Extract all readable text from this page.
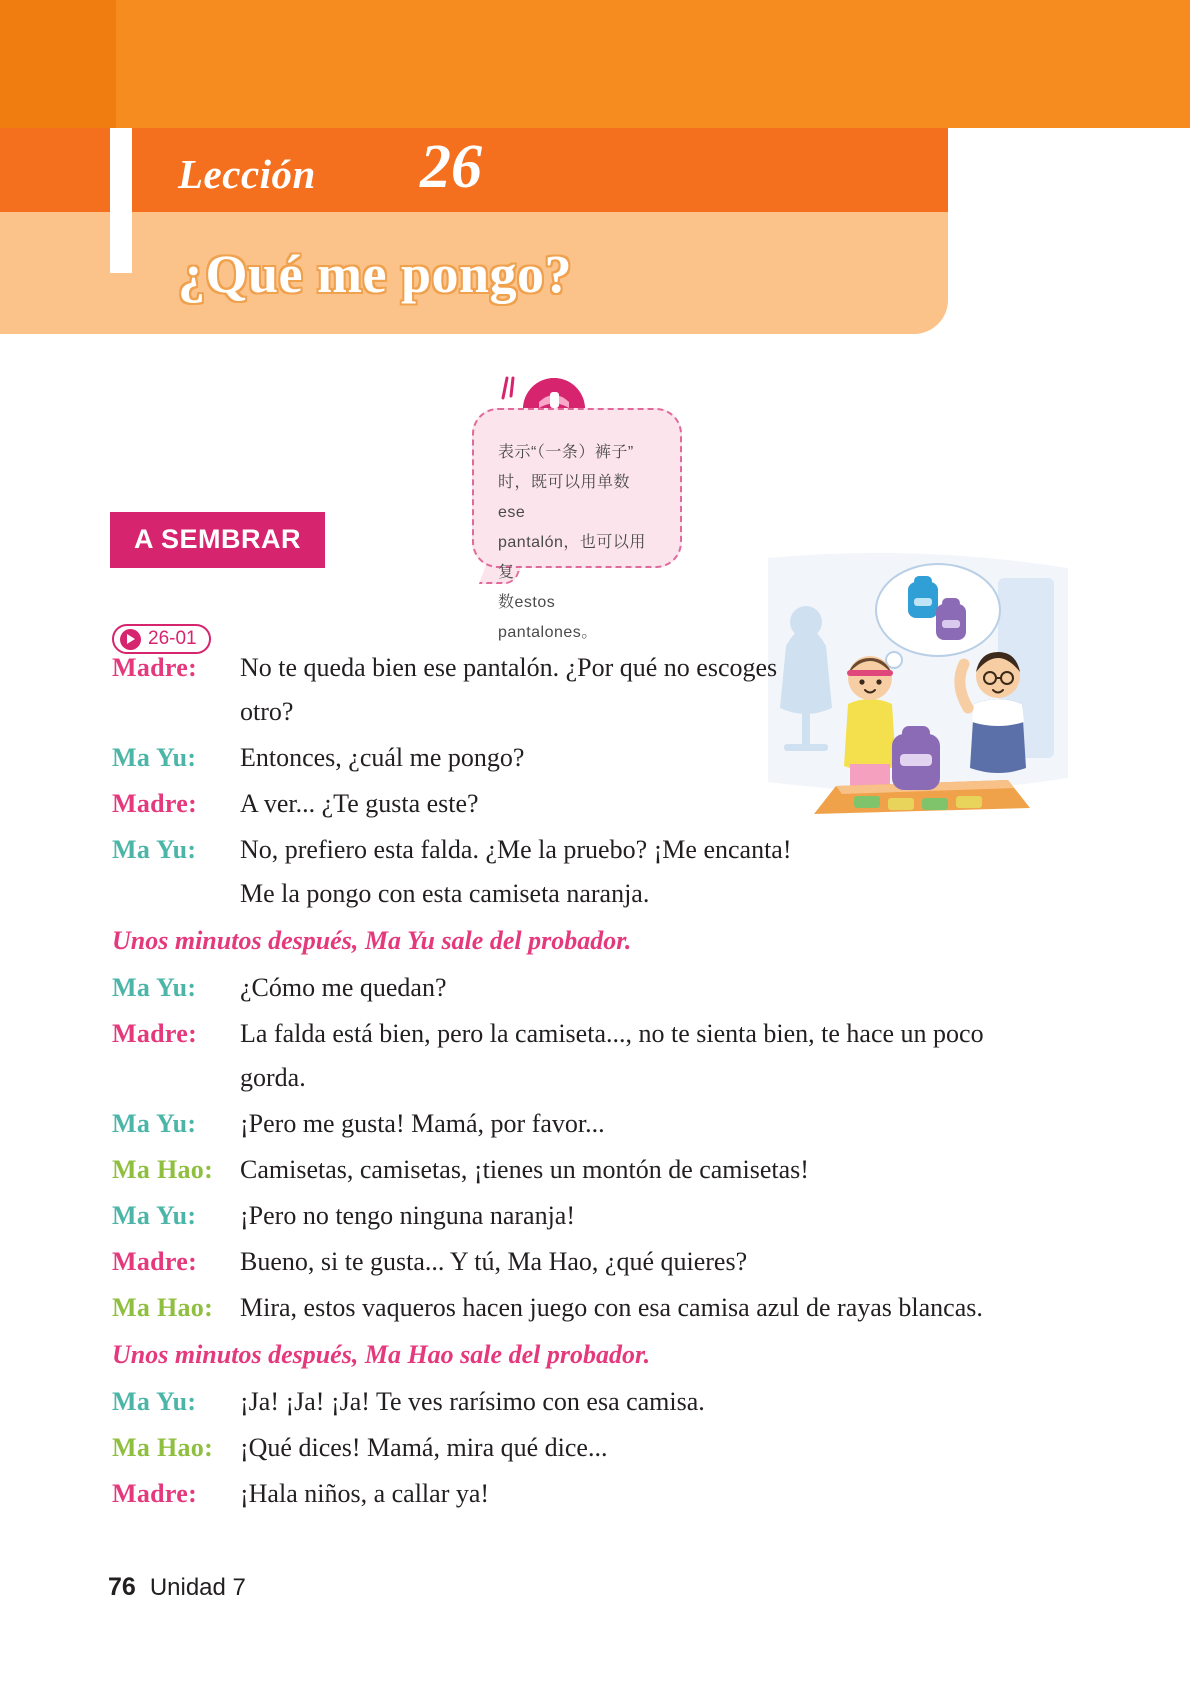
Lección 26
¿Qué me pongo?
表示“（一条）裤子”
时，既可以用单数ese
pantalón，也可以用复
数estos pantalones。
A SEMBRAR
26-01
Madre:	No te queda bien ese pantalón. ¿Por qué no escoges otro?
Ma Yu:	Entonces, ¿cuál me pongo?
Madre:	A ver... ¿Te gusta este?
Ma Yu:	No, prefiero esta falda. ¿Me la pruebo? ¡Me encanta! Me la pongo con esta camiseta naranja.
Unos minutos después, Ma Yu sale del probador.
Ma Yu:	¿Cómo me quedan?
Madre:	La falda está bien, pero la camiseta..., no te sienta bien, te hace un poco gorda.
Ma Yu:	¡Pero me gusta! Mamá, por favor...
Ma Hao:	Camisetas, camisetas, ¡tienes un montón de camisetas!
Ma Yu:	¡Pero no tengo ninguna naranja!
Madre:	Bueno, si te gusta... Y tú, Ma Hao, ¿qué quieres?
Ma Hao:	Mira, estos vaqueros hacen juego con esa camisa azul de rayas blancas.
Unos minutos después, Ma Hao sale del probador.
Ma Yu:	¡Ja! ¡Ja! ¡Ja! Te ves rarísimo con esa camisa.
Ma Hao:	¡Qué dices! Mamá, mira qué dice...
Madre:	¡Hala niños, a callar ya!
76 Unidad 7
